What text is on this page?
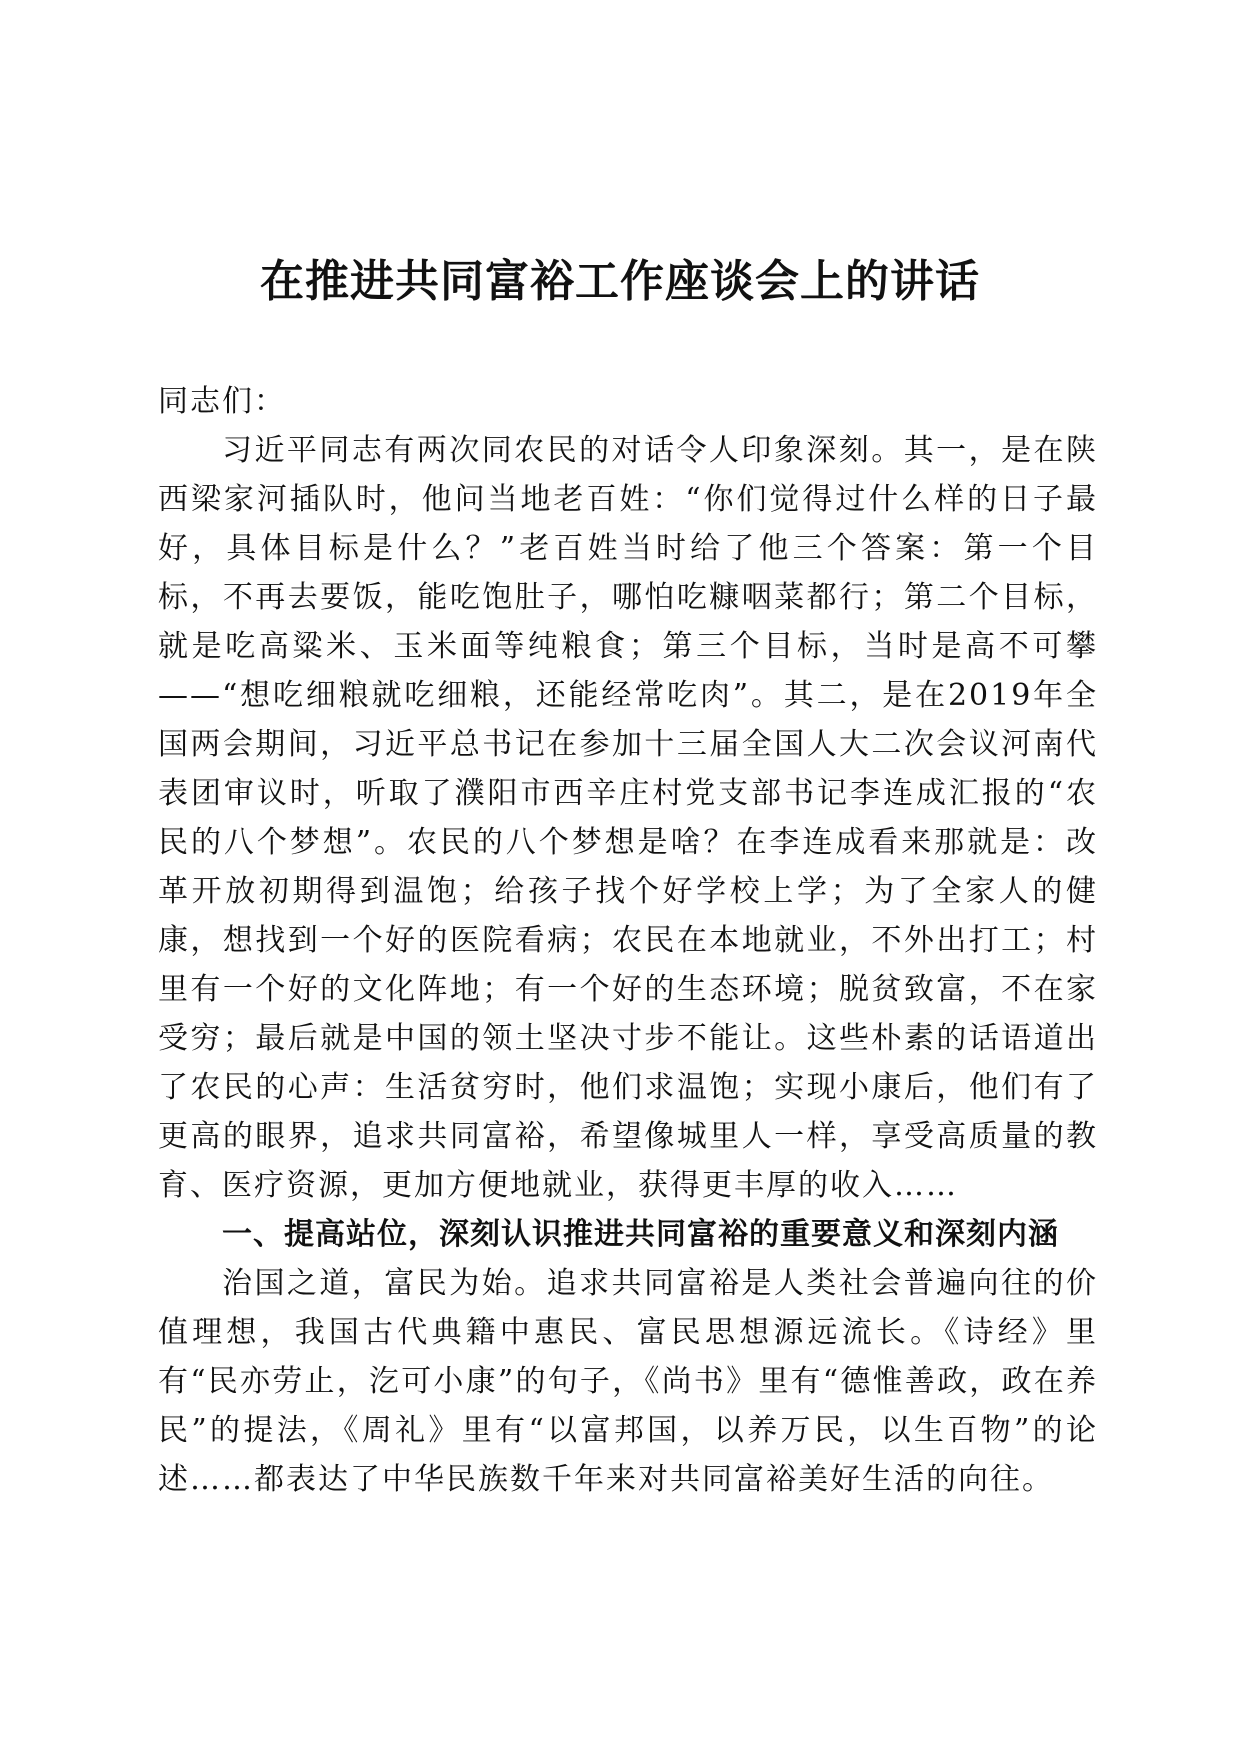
在推进共同富裕工作座谈会上的讲话

同志们：

习近平同志有两次同农民的对话令人印象深刻。其一，是在陕西梁家河插队时，他问当地老百姓：“你们觉得过什么样的日子最好，具体目标是什么？”老百姓当时给了他三个答案：第一个目标，不再去要饭，能吃饱肚子，哪怕吃糠咽菜都行；第二个目标，就是吃高粱米、玉米面等纯粮食；第三个目标，当时是高不可攀——“想吃细粮就吃细粮，还能经常吃肉”。其二，是在2019年全国两会期间，习近平总书记在参加十三届全国人大二次会议河南代表团审议时，听取了濮阳市西辛庄村党支部书记李连成汇报的“农民的八个梦想”。农民的八个梦想是啥？在李连成看来那就是：改革开放初期得到温饱；给孩子找个好学校上学；为了全家人的健康，想找到一个好的医院看病；农民在本地就业，不外出打工；村里有一个好的文化阵地；有一个好的生态环境；脱贫致富，不在家受穷；最后就是中国的领土坚决寸步不能让。这些朴素的话语道出了农民的心声：生活贫穷时，他们求温饱；实现小康后，他们有了更高的眼界，追求共同富裕，希望像城里人一样，享受高质量的教育、医疗资源，更加方便地就业，获得更丰厚的收入……

一、提高站位，深刻认识推进共同富裕的重要意义和深刻内涵

治国之道，富民为始。追求共同富裕是人类社会普遍向往的价值理想，我国古代典籍中惠民、富民思想源远流长。《诗经》里有“民亦劳止，汔可小康”的句子，《尚书》里有“德惟善政，政在养民”的提法，《周礼》里有“以富邦国，以养万民，以生百物”的论述……都表达了中华民族数千年来对共同富裕美好生活的向往。
